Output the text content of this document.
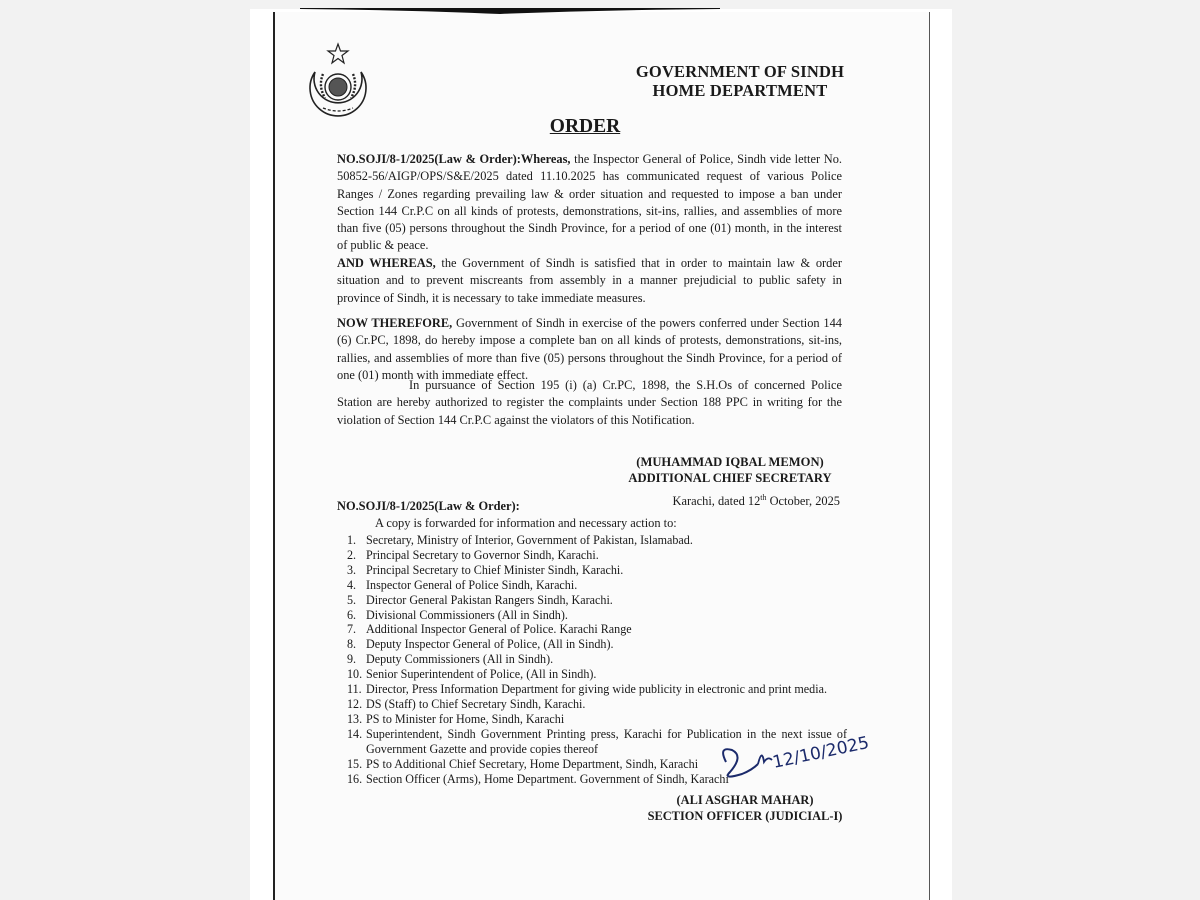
GOVERNMENT OF SINDH
HOME DEPARTMENT
ORDER
NO.SOJI/8-1/2025(Law & Order):Whereas, the Inspector General of Police, Sindh vide letter No. 50852-56/AIGP/OPS/S&E/2025 dated 11.10.2025 has communicated request of various Police Ranges / Zones regarding prevailing law & order situation and requested to impose a ban under Section 144 Cr.P.C on all kinds of protests, demonstrations, sit-ins, rallies, and assemblies of more than five (05) persons throughout the Sindh Province, for a period of one (01) month, in the interest of public & peace.
AND WHEREAS, the Government of Sindh is satisfied that in order to maintain law & order situation and to prevent miscreants from assembly in a manner prejudicial to public safety in province of Sindh, it is necessary to take immediate measures.
NOW THEREFORE, Government of Sindh in exercise of the powers conferred under Section 144 (6) Cr.PC, 1898, do hereby impose a complete ban on all kinds of protests, demonstrations, sit-ins, rallies, and assemblies of more than five (05) persons throughout the Sindh Province, for a period of one (01) month with immediate effect.
In pursuance of Section 195 (i) (a) Cr.PC, 1898, the S.H.Os of concerned Police Station are hereby authorized to register the complaints under Section 188 PPC in writing for the violation of Section 144 Cr.P.C against the violators of this Notification.
(MUHAMMAD IQBAL MEMON)
ADDITIONAL CHIEF SECRETARY
NO.SOJI/8-1/2025(Law & Order):	Karachi, dated 12th October, 2025
A copy is forwarded for information and necessary action to:
1. Secretary, Ministry of Interior, Government of Pakistan, Islamabad.
2. Principal Secretary to Governor Sindh, Karachi.
3. Principal Secretary to Chief Minister Sindh, Karachi.
4. Inspector General of Police Sindh, Karachi.
5. Director General Pakistan Rangers Sindh, Karachi.
6. Divisional Commissioners (All in Sindh).
7. Additional Inspector General of Police. Karachi Range
8. Deputy Inspector General of Police, (All in Sindh).
9. Deputy Commissioners (All in Sindh).
10. Senior Superintendent of Police, (All in Sindh).
11. Director, Press Information Department for giving wide publicity in electronic and print media.
12. DS (Staff) to Chief Secretary Sindh, Karachi.
13. PS to Minister for Home, Sindh, Karachi
14. Superintendent, Sindh Government Printing press, Karachi for Publication in the next issue of Government Gazette and provide copies thereof
15. PS to Additional Chief Secretary, Home Department, Sindh, Karachi
16. Section Officer (Arms), Home Department. Government of Sindh, Karachi
12/10/2025
(ALI ASGHAR MAHAR)
SECTION OFFICER (JUDICIAL-I)
